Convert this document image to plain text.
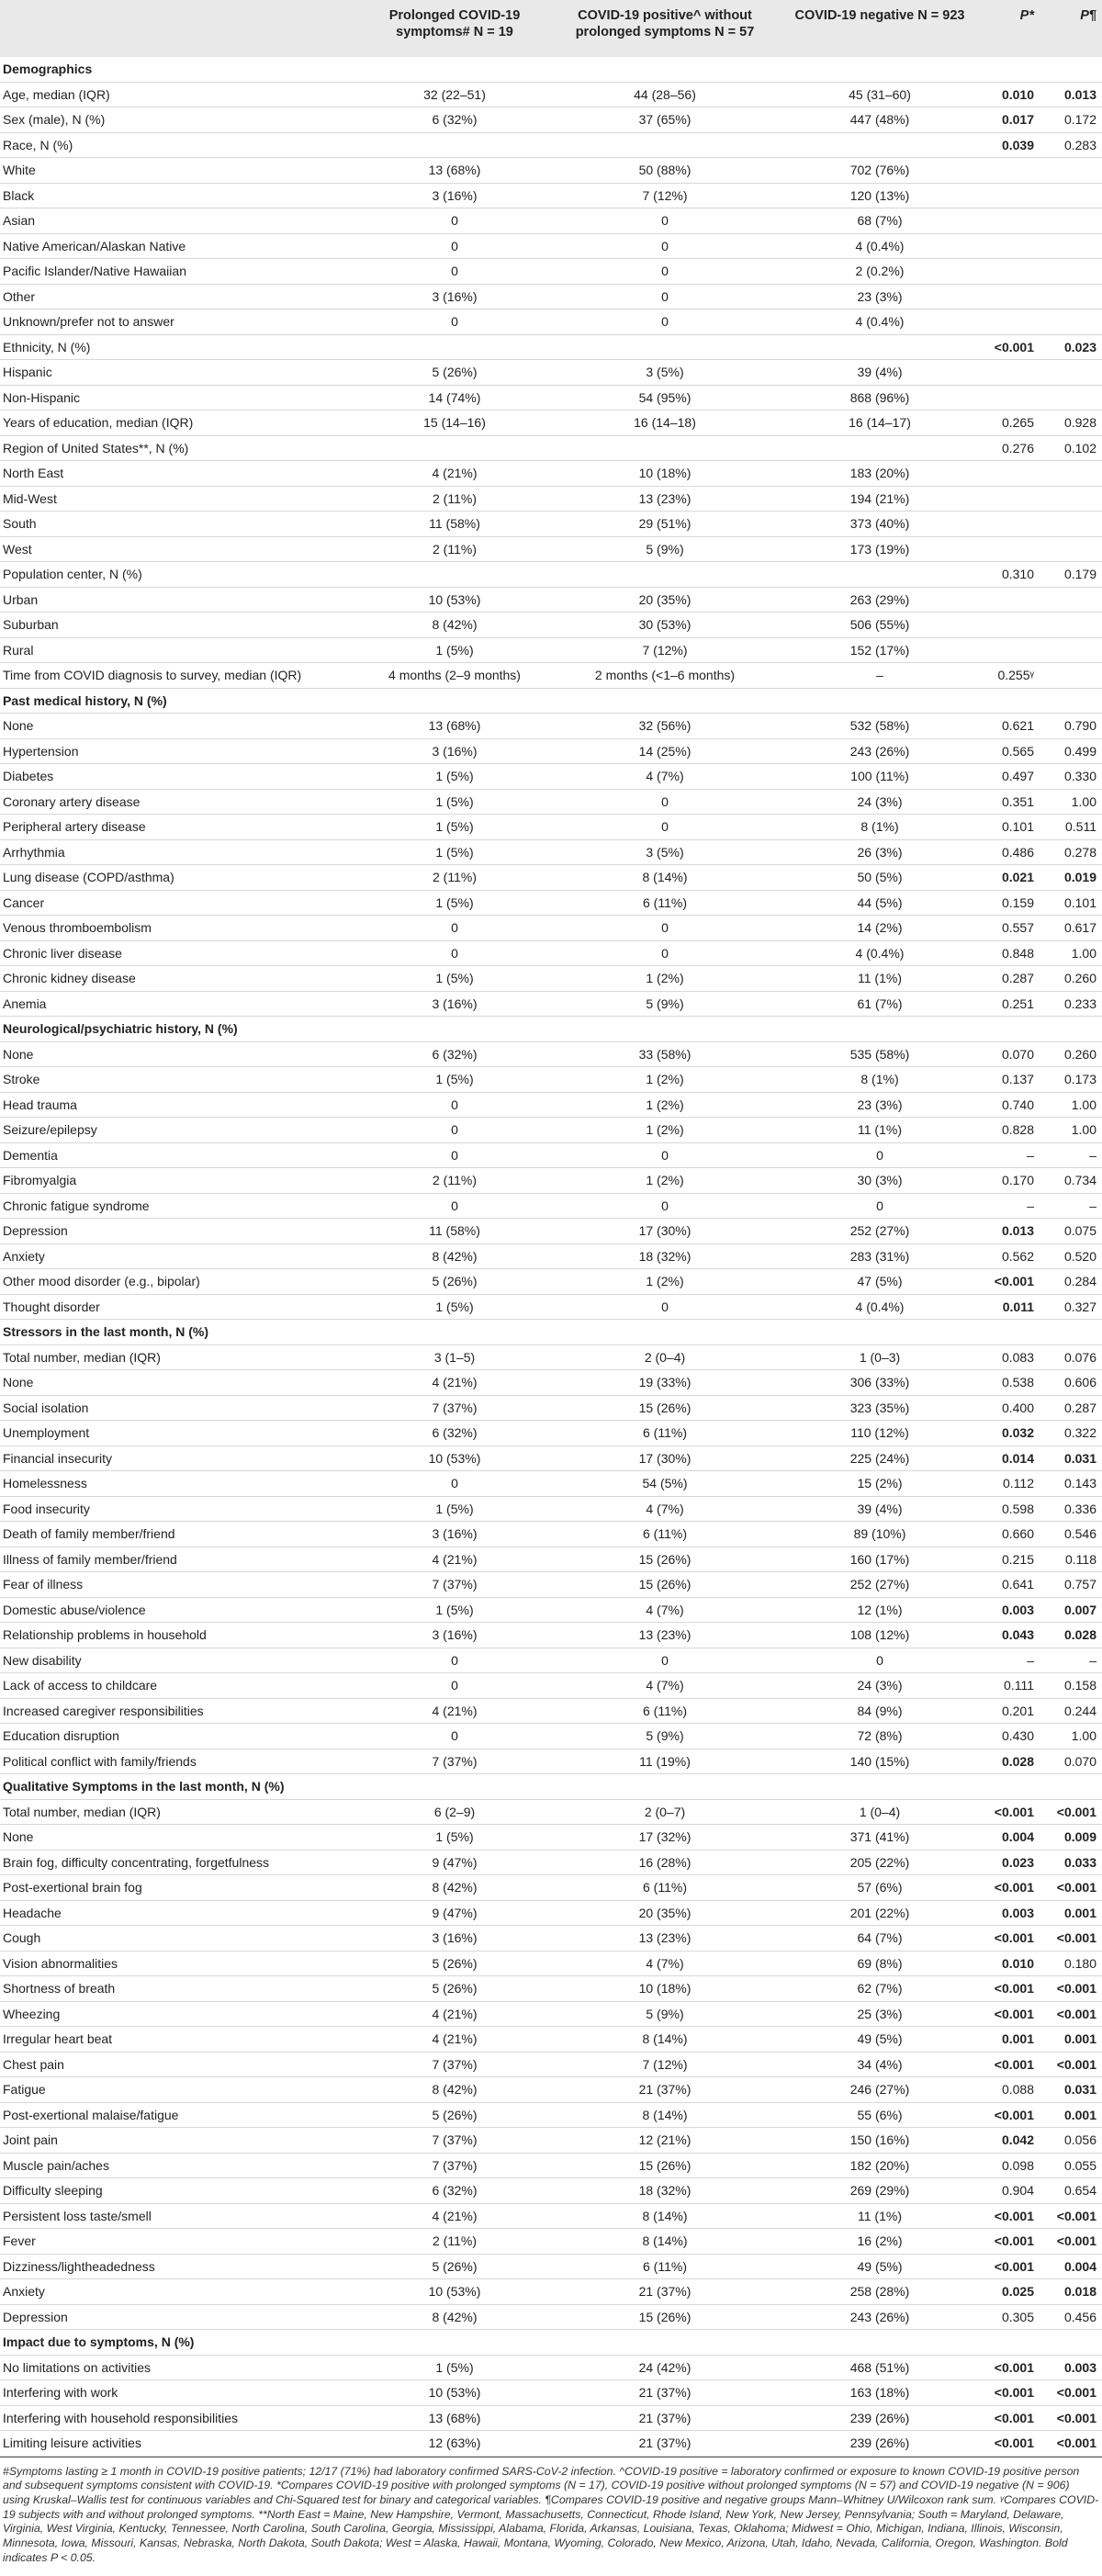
	Prolonged COVID-19 symptoms# N = 19	COVID-19 positive^ without prolonged symptoms N = 57	COVID-19 negative N = 923	P*	P¶
Demographics					
Age, median (IQR)	32 (22–51)	44 (28–56)	45 (31–60)	0.010	0.013
Sex (male), N (%)	6 (32%)	37 (65%)	447 (48%)	0.017	0.172
Race, N (%)				0.039	0.283
White	13 (68%)	50 (88%)	702 (76%)		
Black	3 (16%)	7 (12%)	120 (13%)		
Asian	0	0	68 (7%)		
Native American/Alaskan Native	0	0	4 (0.4%)		
Pacific Islander/Native Hawaiian	0	0	2 (0.2%)		
Other	3 (16%)	0	23 (3%)		
Unknown/prefer not to answer	0	0	4 (0.4%)		
Ethnicity, N (%)				<0.001	0.023
Hispanic	5 (26%)	3 (5%)	39 (4%)		
Non-Hispanic	14 (74%)	54 (95%)	868 (96%)		
Years of education, median (IQR)	15 (14–16)	16 (14–18)	16 (14–17)	0.265	0.928
Region of United States**, N (%)				0.276	0.102
North East	4 (21%)	10 (18%)	183 (20%)		
Mid-West	2 (11%)	13 (23%)	194 (21%)		
South	11 (58%)	29 (51%)	373 (40%)		
West	2 (11%)	5 (9%)	173 (19%)		
Population center, N (%)				0.310	0.179
Urban	10 (53%)	20 (35%)	263 (29%)		
Suburban	8 (42%)	30 (53%)	506 (55%)		
Rural	1 (5%)	7 (12%)	152 (17%)		
Time from COVID diagnosis to survey, median (IQR)	4 months (2–9 months)	2 months (<1–6 months)	–	0.255ᵞ	
Past medical history, N (%)					
None	13 (68%)	32 (56%)	532 (58%)	0.621	0.790
Hypertension	3 (16%)	14 (25%)	243 (26%)	0.565	0.499
Diabetes	1 (5%)	4 (7%)	100 (11%)	0.497	0.330
Coronary artery disease	1 (5%)	0	24 (3%)	0.351	1.00
Peripheral artery disease	1 (5%)	0	8 (1%)	0.101	0.511
Arrhythmia	1 (5%)	3 (5%)	26 (3%)	0.486	0.278
Lung disease (COPD/asthma)	2 (11%)	8 (14%)	50 (5%)	0.021	0.019
Cancer	1 (5%)	6 (11%)	44 (5%)	0.159	0.101
Venous thromboembolism	0	0	14 (2%)	0.557	0.617
Chronic liver disease	0	0	4 (0.4%)	0.848	1.00
Chronic kidney disease	1 (5%)	1 (2%)	11 (1%)	0.287	0.260
Anemia	3 (16%)	5 (9%)	61 (7%)	0.251	0.233
Neurological/psychiatric history, N (%)					
None	6 (32%)	33 (58%)	535 (58%)	0.070	0.260
Stroke	1 (5%)	1 (2%)	8 (1%)	0.137	0.173
Head trauma	0	1 (2%)	23 (3%)	0.740	1.00
Seizure/epilepsy	0	1 (2%)	11 (1%)	0.828	1.00
Dementia	0	0	0	–	–
Fibromyalgia	2 (11%)	1 (2%)	30 (3%)	0.170	0.734
Chronic fatigue syndrome	0	0	0	–	–
Depression	11 (58%)	17 (30%)	252 (27%)	0.013	0.075
Anxiety	8 (42%)	18 (32%)	283 (31%)	0.562	0.520
Other mood disorder (e.g., bipolar)	5 (26%)	1 (2%)	47 (5%)	<0.001	0.284
Thought disorder	1 (5%)	0	4 (0.4%)	0.011	0.327
Stressors in the last month, N (%)					
Total number, median (IQR)	3 (1–5)	2 (0–4)	1 (0–3)	0.083	0.076
None	4 (21%)	19 (33%)	306 (33%)	0.538	0.606
Social isolation	7 (37%)	15 (26%)	323 (35%)	0.400	0.287
Unemployment	6 (32%)	6 (11%)	110 (12%)	0.032	0.322
Financial insecurity	10 (53%)	17 (30%)	225 (24%)	0.014	0.031
Homelessness	0	54 (5%)	15 (2%)	0.112	0.143
Food insecurity	1 (5%)	4 (7%)	39 (4%)	0.598	0.336
Death of family member/friend	3 (16%)	6 (11%)	89 (10%)	0.660	0.546
Illness of family member/friend	4 (21%)	15 (26%)	160 (17%)	0.215	0.118
Fear of illness	7 (37%)	15 (26%)	252 (27%)	0.641	0.757
Domestic abuse/violence	1 (5%)	4 (7%)	12 (1%)	0.003	0.007
Relationship problems in household	3 (16%)	13 (23%)	108 (12%)	0.043	0.028
New disability	0	0	0	–	–
Lack of access to childcare	0	4 (7%)	24 (3%)	0.111	0.158
Increased caregiver responsibilities	4 (21%)	6 (11%)	84 (9%)	0.201	0.244
Education disruption	0	5 (9%)	72 (8%)	0.430	1.00
Political conflict with family/friends	7 (37%)	11 (19%)	140 (15%)	0.028	0.070
Qualitative Symptoms in the last month, N (%)					
Total number, median (IQR)	6 (2–9)	2 (0–7)	1 (0–4)	<0.001	<0.001
None	1 (5%)	17 (32%)	371 (41%)	0.004	0.009
Brain fog, difficulty concentrating, forgetfulness	9 (47%)	16 (28%)	205 (22%)	0.023	0.033
Post-exertional brain fog	8 (42%)	6 (11%)	57 (6%)	<0.001	<0.001
Headache	9 (47%)	20 (35%)	201 (22%)	0.003	0.001
Cough	3 (16%)	13 (23%)	64 (7%)	<0.001	<0.001
Vision abnormalities	5 (26%)	4 (7%)	69 (8%)	0.010	0.180
Shortness of breath	5 (26%)	10 (18%)	62 (7%)	<0.001	<0.001
Wheezing	4 (21%)	5 (9%)	25 (3%)	<0.001	<0.001
Irregular heart beat	4 (21%)	8 (14%)	49 (5%)	0.001	0.001
Chest pain	7 (37%)	7 (12%)	34 (4%)	<0.001	<0.001
Fatigue	8 (42%)	21 (37%)	246 (27%)	0.088	0.031
Post-exertional malaise/fatigue	5 (26%)	8 (14%)	55 (6%)	<0.001	0.001
Joint pain	7 (37%)	12 (21%)	150 (16%)	0.042	0.056
Muscle pain/aches	7 (37%)	15 (26%)	182 (20%)	0.098	0.055
Difficulty sleeping	6 (32%)	18 (32%)	269 (29%)	0.904	0.654
Persistent loss taste/smell	4 (21%)	8 (14%)	11 (1%)	<0.001	<0.001
Fever	2 (11%)	8 (14%)	16 (2%)	<0.001	<0.001
Dizziness/lightheadedness	5 (26%)	6 (11%)	49 (5%)	<0.001	0.004
Anxiety	10 (53%)	21 (37%)	258 (28%)	0.025	0.018
Depression	8 (42%)	15 (26%)	243 (26%)	0.305	0.456
Impact due to symptoms, N (%)					
No limitations on activities	1 (5%)	24 (42%)	468 (51%)	<0.001	0.003
Interfering with work	10 (53%)	21 (37%)	163 (18%)	<0.001	<0.001
Interfering with household responsibilities	13 (68%)	21 (37%)	239 (26%)	<0.001	<0.001
Limiting leisure activities	12 (63%)	21 (37%)	239 (26%)	<0.001	<0.001
#Symptoms lasting ≥ 1 month in COVID-19 positive patients; 12/17 (71%) had laboratory confirmed SARS-CoV-2 infection. ^COVID-19 positive = laboratory confirmed or exposure to known COVID-19 positive person and subsequent symptoms consistent with COVID-19. *Compares COVID-19 positive with prolonged symptoms (N = 17), COVID-19 positive without prolonged symptoms (N = 57) and COVID-19 negative (N = 906) using Kruskal–Wallis test for continuous variables and Chi-Squared test for binary and categorical variables. ¶Compares COVID-19 positive and negative groups Mann–Whitney U/Wilcoxon rank sum. ᵞCompares COVID-19 subjects with and without prolonged symptoms. **North East = Maine, New Hampshire, Vermont, Massachusetts, Connecticut, Rhode Island, New York, New Jersey, Pennsylvania; South = Maryland, Delaware, Virginia, West Virginia, Kentucky, Tennessee, North Carolina, South Carolina, Georgia, Mississippi, Alabama, Florida, Arkansas, Louisiana, Texas, Oklahoma; Midwest = Ohio, Michigan, Indiana, Illinois, Wisconsin, Minnesota, Iowa, Missouri, Kansas, Nebraska, North Dakota, South Dakota; West = Alaska, Hawaii, Montana, Wyoming, Colorado, New Mexico, Arizona, Utah, Idaho, Nevada, California, Oregon, Washington. Bold indicates P < 0.05.
